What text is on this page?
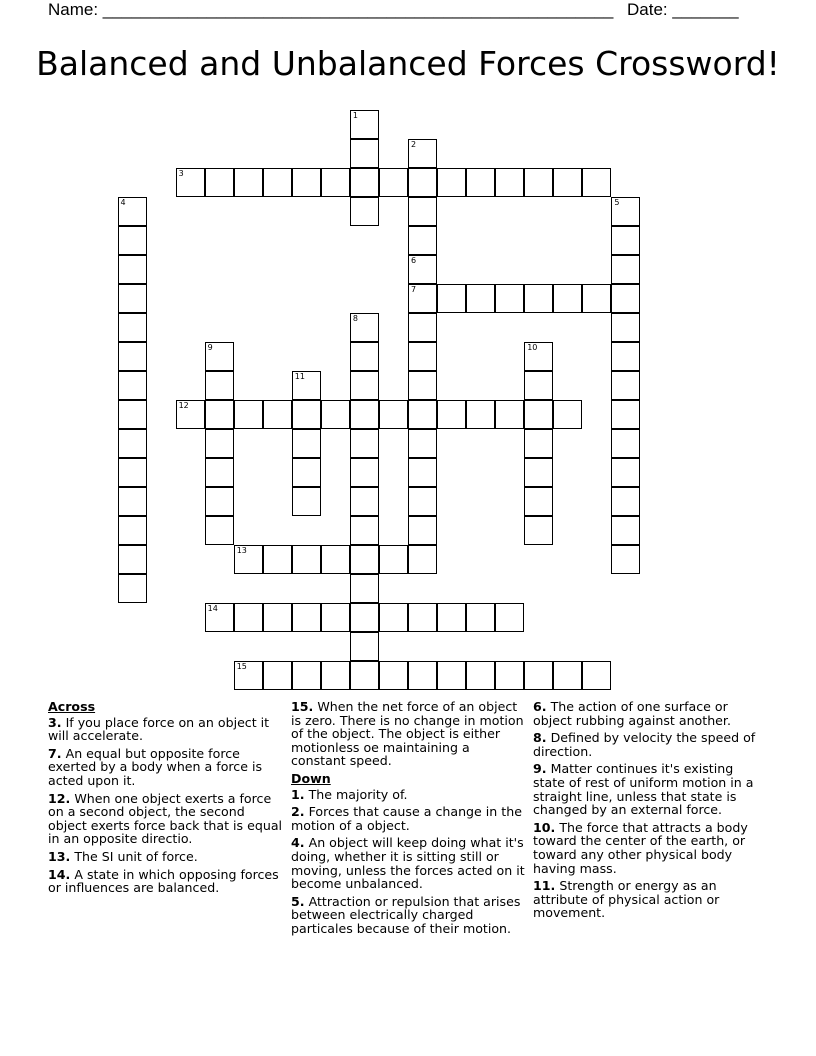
Name: ______________________________________________________ Date: _______
Balanced and Unbalanced Forces Crossword!
1
2
6
7
3
4	5
8
9	10
11
12
13
14
15
Across
3. If you place force on an object it will accelerate.
7. An equal but opposite force exerted by a body when a force is acted upon it.
12. When one object exerts a force on a second object, the second object exerts force back that is equal in an opposite directio.
13. The SI unit of force.
14. A state in which opposing forces or influences are balanced.
15. When the net force of an object is zero. There is no change in motion of the object. The object is either motionless oe maintaining a constant speed.
Down
1. The majority of.
2. Forces that cause a change in the motion of a object.
4. An object will keep doing what it's doing, whether it is sitting still or moving, unless the forces acted on it become unbalanced.
5. Attraction or repulsion that arises between electrically charged particales because of their motion.
6. The action of one surface or object rubbing against another.
8. Defined by velocity the speed of direction.
9. Matter continues it's existing state of rest of uniform motion in a straight line, unless that state is changed by an external force.
10. The force that attracts a body toward the center of the earth, or toward any other physical body having mass.
11. Strength or energy as an attribute of physical action or movement.
